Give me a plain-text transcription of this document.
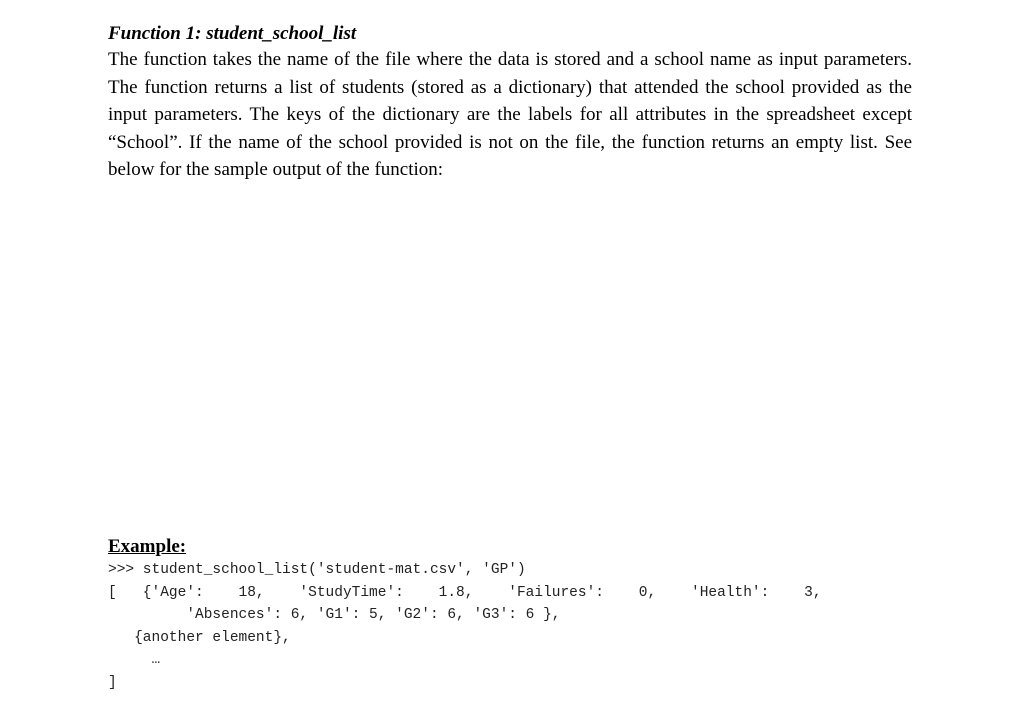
Function 1: student_school_list

The function takes the name of the file where the data is stored and a school name as input parameters. The function returns a list of students (stored as a dictionary) that attended the school provided as the input parameters. The keys of the dictionary are the labels for all attributes in the spreadsheet except “School”. If the name of the school provided is not on the file, the function returns an empty list. See below for the sample output of the function:

Example:

>>> student_school_list('student-mat.csv', 'GP')
[   {'Age':    18,    'StudyTime':    1.8,    'Failures':    0,    'Health':    3,
'Absences': 6, 'G1': 5, 'G2': 6, 'G3': 6 },
{another element},
…
]
